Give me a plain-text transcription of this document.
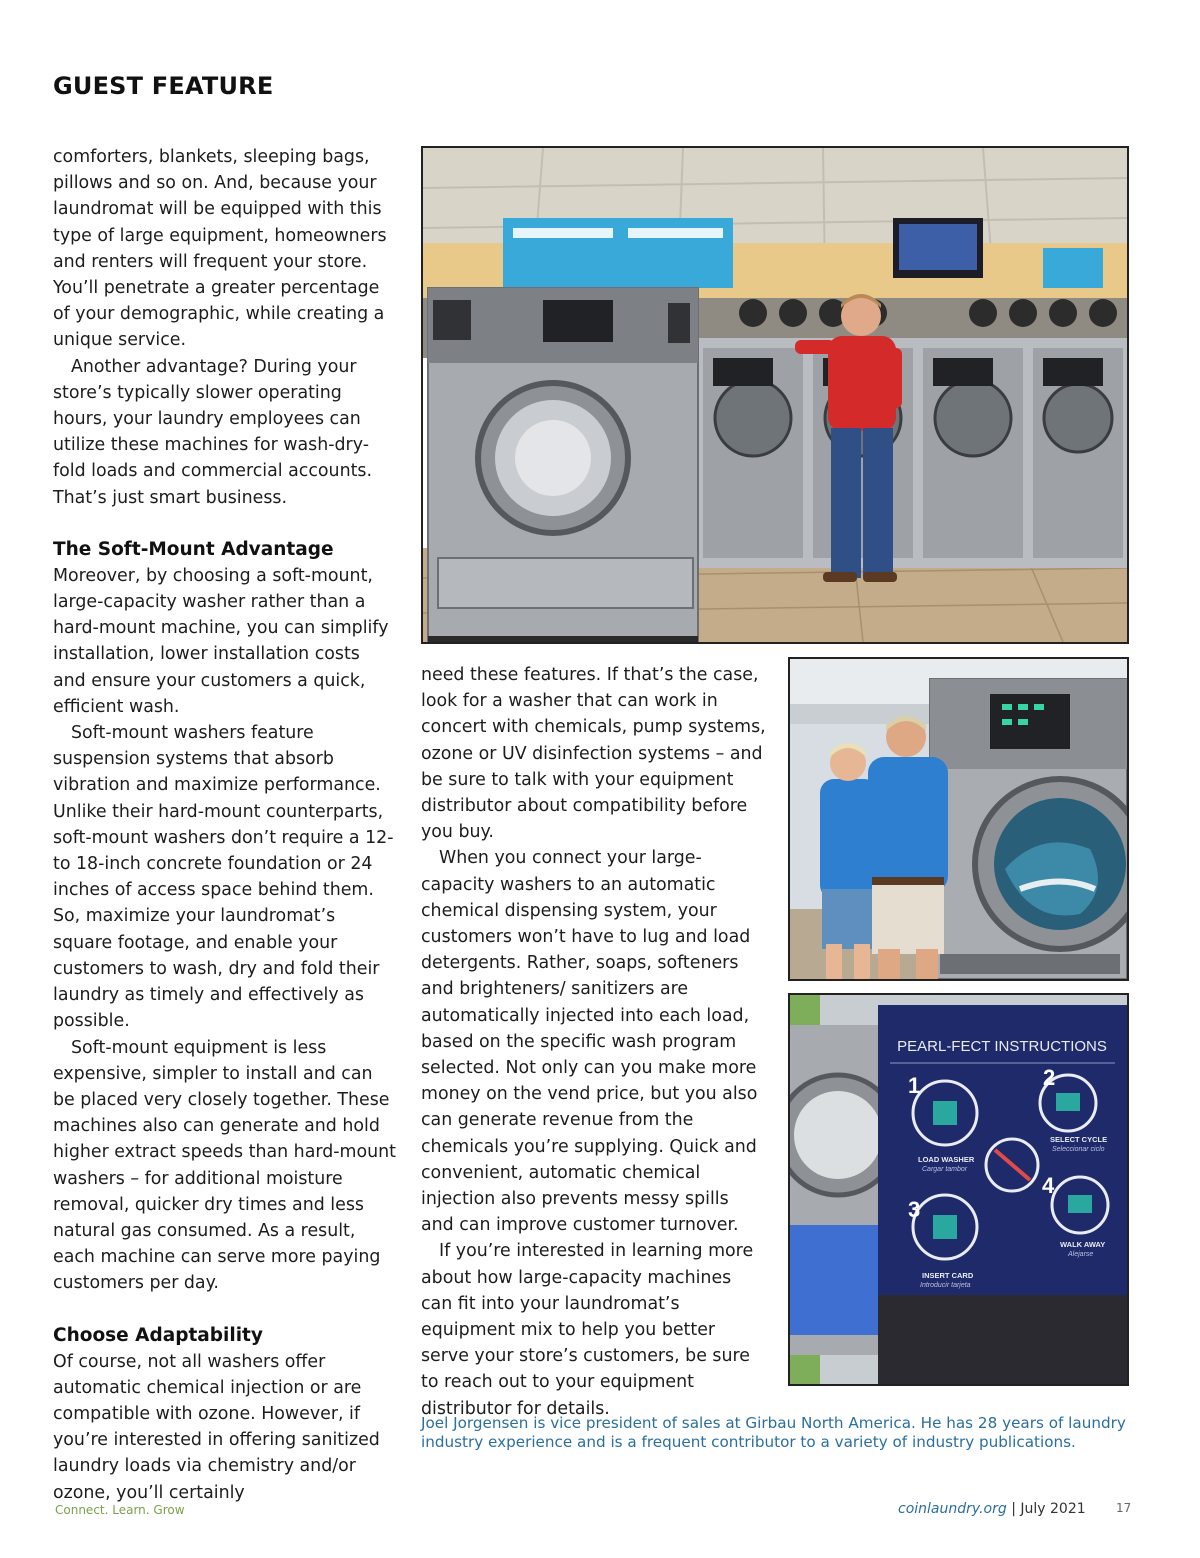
GUEST FEATURE

comforters, blankets, sleeping bags, pillows and so on. And, because your laundromat will be equipped with this type of large equipment, homeowners and renters will frequent your store. You’ll penetrate a greater percentage of your demographic, while creating a unique service.

Another advantage? During your store’s typically slower operating hours, your laundry employees can utilize these machines for wash-dry-fold loads and commercial accounts. That’s just smart business.

The Soft-Mount Advantage

Moreover, by choosing a soft-mount, large-capacity washer rather than a hard-mount machine, you can simplify installation, lower installation costs and ensure your customers a quick, efficient wash.

Soft-mount washers feature suspension systems that absorb vibration and maximize performance. Unlike their hard-mount counterparts, soft-mount washers don’t require a 12- to 18-inch concrete foundation or 24 inches of access space behind them. So, maximize your laundromat’s square footage, and enable your customers to wash, dry and fold their laundry as timely and effectively as possible.

Soft-mount equipment is less expensive, simpler to install and can be placed very closely together. These machines also can generate and hold higher extract speeds than hard-mount washers – for additional moisture removal, quicker dry times and less natural gas consumed. As a result, each machine can serve more paying customers per day.

Choose Adaptability

Of course, not all washers offer automatic chemical injection or are compatible with ozone. However, if you’re interested in offering sanitized laundry loads via chemistry and/or ozone, you’ll certainly

need these features. If that’s the case, look for a washer that can work in concert with chemicals, pump systems, ozone or UV disinfection systems – and be sure to talk with your equipment distributor about compatibility before you buy.

When you connect your large-capacity washers to an automatic chemical dispensing system, your customers won’t have to lug and load detergents. Rather, soaps, softeners and brighteners/ sanitizers are automatically injected into each load, based on the specific wash program selected. Not only can you make more money on the vend price, but you also can generate revenue from the chemicals you’re supplying. Quick and convenient, automatic chemical injection also prevents messy spills and can improve customer turnover.

If you’re interested in learning more about how large-capacity machines can fit into your laundromat’s equipment mix to help you better serve your store’s customers, be sure to reach out to your equipment distributor for details.

PEARL-FECT INSTRUCTIONS
1	2
3
4
LOAD WASHER
SELECT CYCLE
INSERT CARD
WALK AWAY
Cargar tambor
Seleccionar ciclo
Introducir tarjeta
Alejarse
Joel Jorgensen is vice president of sales at Girbau North America. He has 28 years of laundry industry experience and is a frequent contributor to a variety of industry publications.
Connect. Learn. Grow	coinlaundry.org | July 2021	17
